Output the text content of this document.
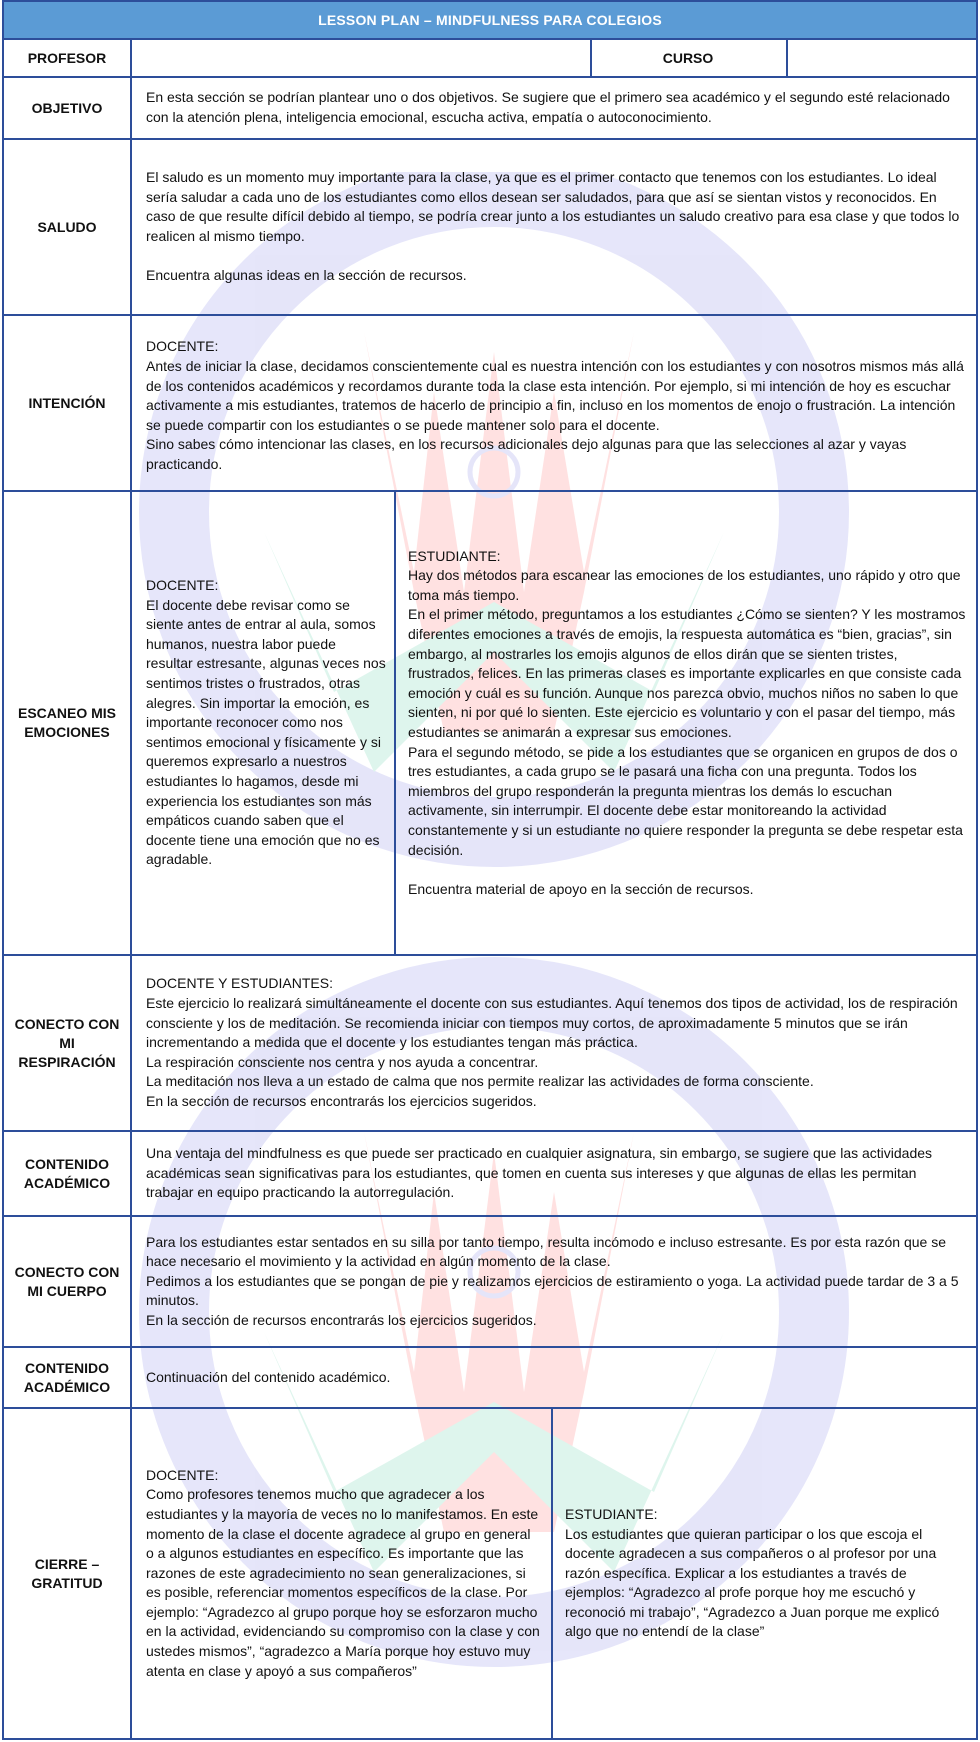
LESSON PLAN – MINDFULNESS PARA COLEGIOS
PROFESOR	CURSO
OBJETIVO

En esta sección se podrían plantear uno o dos objetivos. Se sugiere que el primero sea académico y el segundo esté relacionado con la atención plena, inteligencia emocional, escucha activa, empatía o autoconocimiento.

SALUDO

El saludo es un momento muy importante para la clase, ya que es el primer contacto que tenemos con los estudiantes. Lo ideal sería saludar a cada uno de los estudiantes como ellos desean ser saludados, para que así se sientan vistos y reconocidos. En caso de que resulte difícil debido al tiempo, se podría crear junto a los estudiantes un saludo creativo para esa clase y que todos lo realicen al mismo tiempo.

Encuentra algunas ideas en la sección de recursos.

INTENCIÓN

DOCENTE:

Antes de iniciar la clase, decidamos conscientemente cual es nuestra intención con los estudiantes y con nosotros mismos más allá de los contenidos académicos y recordamos durante toda la clase esta intención. Por ejemplo, si mi intención de hoy es escuchar activamente a mis estudiantes, tratemos de hacerlo de principio a fin, incluso en los momentos de enojo o frustración. La intención se puede compartir con los estudiantes o se puede mantener solo para el docente.

Sino sabes cómo intencionar las clases, en los recursos adicionales dejo algunas para que las selecciones al azar y vayas practicando.

ESCANEO MIS EMOCIONES

DOCENTE:

El docente debe revisar como se siente antes de entrar al aula, somos humanos, nuestra labor puede resultar estresante, algunas veces nos sentimos tristes o frustrados, otras alegres. Sin importar la emoción, es importante reconocer como nos sentimos emocional y físicamente y si queremos expresarlo a nuestros estudiantes lo hagamos, desde mi experiencia los estudiantes son más empáticos cuando saben que el docente tiene una emoción que no es agradable.

ESTUDIANTE:

Hay dos métodos para escanear las emociones de los estudiantes, uno rápido y otro que toma más tiempo.

En el primer método, preguntamos a los estudiantes ¿Cómo se sienten? Y les mostramos diferentes emociones a través de emojis, la respuesta automática es “bien, gracias”, sin embargo, al mostrarles los emojis algunos de ellos dirán que se sienten tristes, frustrados, felices. En las primeras clases es importante explicarles en que consiste cada emoción y cuál es su función. Aunque nos parezca obvio, muchos niños no saben lo que sienten, ni por qué lo sienten. Este ejercicio es voluntario y con el pasar del tiempo, más estudiantes se animarán a expresar sus emociones.

Para el segundo método, se pide a los estudiantes que se organicen en grupos de dos o tres estudiantes, a cada grupo se le pasará una ficha con una pregunta. Todos los miembros del grupo responderán la pregunta mientras los demás lo escuchan activamente, sin interrumpir. El docente debe estar monitoreando la actividad constantemente y si un estudiante no quiere responder la pregunta se debe respetar esta decisión.

Encuentra material de apoyo en la sección de recursos.

CONECTO CON MI RESPIRACIÓN

DOCENTE Y ESTUDIANTES:

Este ejercicio lo realizará simultáneamente el docente con sus estudiantes. Aquí tenemos dos tipos de actividad, los de respiración consciente y los de meditación. Se recomienda iniciar con tiempos muy cortos, de aproximadamente 5 minutos que se irán incrementando a medida que el docente y los estudiantes tengan más práctica.

La respiración consciente nos centra y nos ayuda a concentrar.

La meditación nos lleva a un estado de calma que nos permite realizar las actividades de forma consciente.

En la sección de recursos encontrarás los ejercicios sugeridos.

CONTENIDO ACADÉMICO

Una ventaja del mindfulness es que puede ser practicado en cualquier asignatura, sin embargo, se sugiere que las actividades académicas sean significativas para los estudiantes, que tomen en cuenta sus intereses y que algunas de ellas les permitan trabajar en equipo practicando la autorregulación.

CONECTO CON MI CUERPO

Para los estudiantes estar sentados en su silla por tanto tiempo, resulta incómodo e incluso estresante. Es por esta razón que se hace necesario el movimiento y la actividad en algún momento de la clase.

Pedimos a los estudiantes que se pongan de pie y realizamos ejercicios de estiramiento o yoga. La actividad puede tardar de 3 a 5 minutos.

En la sección de recursos encontrarás los ejercicios sugeridos.

CONTENIDO ACADÉMICO

Continuación del contenido académico.

CIERRE – GRATITUD

DOCENTE:

Como profesores tenemos mucho que agradecer a los estudiantes y la mayoría de veces no lo manifestamos. En este momento de la clase el docente agradece al grupo en general o a algunos estudiantes en específico. Es importante que las razones de este agradecimiento no sean generalizaciones, si es posible, referenciar momentos específicos de la clase. Por ejemplo: “Agradezco al grupo porque hoy se esforzaron mucho en la actividad, evidenciando su compromiso con la clase y con ustedes mismos”, “agradezco a María porque hoy estuvo muy atenta en clase y apoyó a sus compañeros”

ESTUDIANTE:

Los estudiantes que quieran participar o los que escoja el docente agradecen a sus compañeros o al profesor por una razón específica. Explicar a los estudiantes a través de ejemplos: “Agradezco al profe porque hoy me escuchó y reconoció mi trabajo”, “Agradezco a Juan porque me explicó algo que no entendí de la clase”
